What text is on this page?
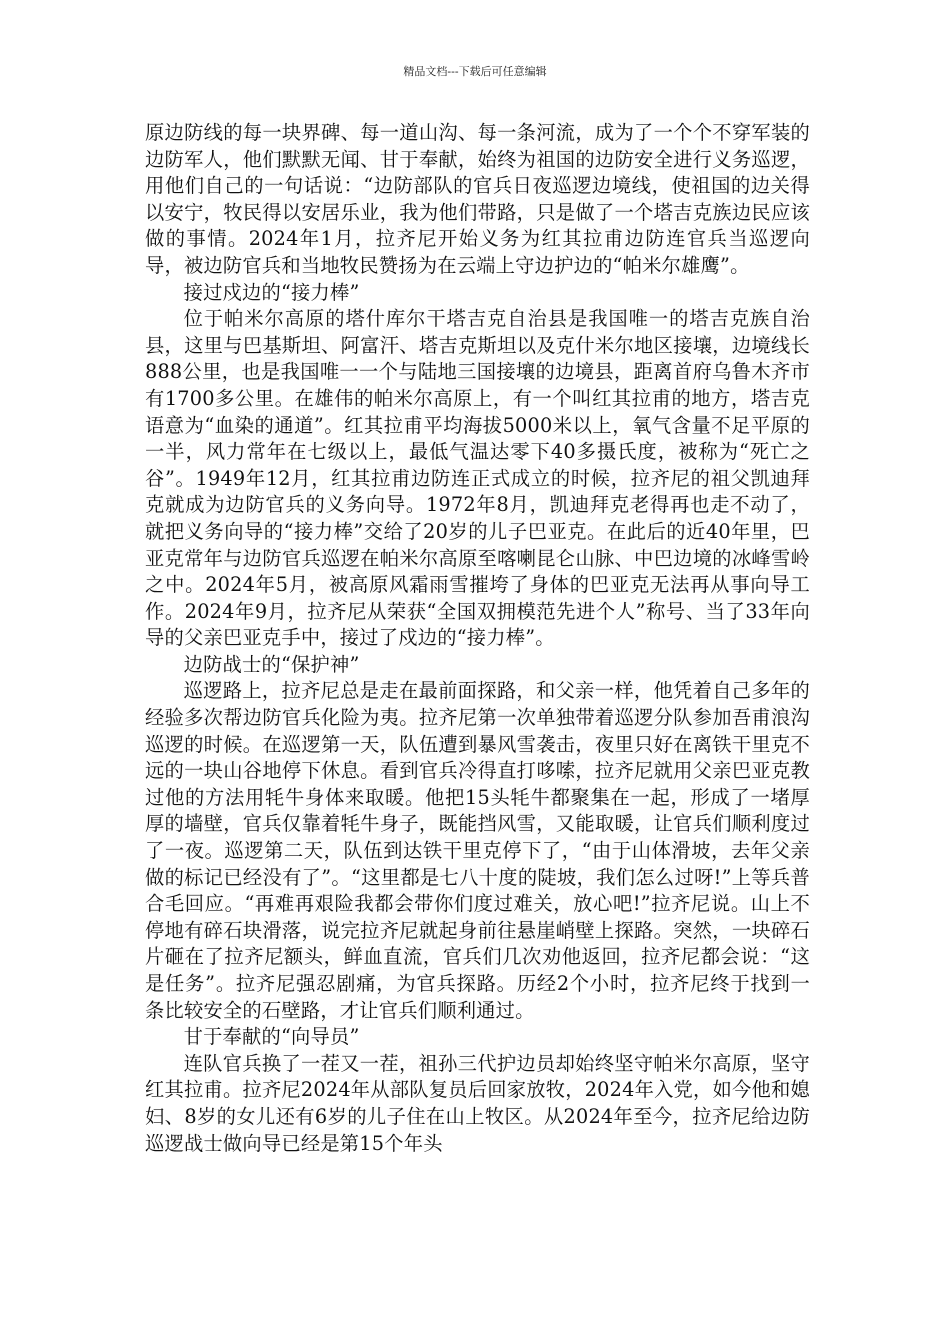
精品文档---下载后可任意编辑

原边防线的每一块界碑、每一道山沟、每一条河流，成为了一个个不穿军装的边防军人，他们默默无闻、甘于奉献，始终为祖国的边防安全进行义务巡逻，用他们自己的一句话说：“边防部队的官兵日夜巡逻边境线，使祖国的边关得以安宁，牧民得以安居乐业，我为他们带路，只是做了一个塔吉克族边民应该做的事情。2024年1月，拉齐尼开始义务为红其拉甫边防连官兵当巡逻向导，被边防官兵和当地牧民赞扬为在云端上守边护边的“帕米尔雄鹰”。

接过戍边的“接力棒”

位于帕米尔高原的塔什库尔干塔吉克自治县是我国唯一的塔吉克族自治县，这里与巴基斯坦、阿富汗、塔吉克斯坦以及克什米尔地区接壤，边境线长888公里，也是我国唯一一个与陆地三国接壤的边境县，距离首府乌鲁木齐市有1700多公里。在雄伟的帕米尔高原上，有一个叫红其拉甫的地方，塔吉克语意为“血染的通道”。红其拉甫平均海拔5000米以上，氧气含量不足平原的一半，风力常年在七级以上，最低气温达零下40多摄氏度，被称为“死亡之谷”。1949年12月，红其拉甫边防连正式成立的时候，拉齐尼的祖父凯迪拜克就成为边防官兵的义务向导。1972年8月，凯迪拜克老得再也走不动了，就把义务向导的“接力棒”交给了20岁的儿子巴亚克。在此后的近40年里，巴亚克常年与边防官兵巡逻在帕米尔高原至喀喇昆仑山脉、中巴边境的冰峰雪岭之中。2024年5月，被高原风霜雨雪摧垮了身体的巴亚克无法再从事向导工作。2024年9月，拉齐尼从荣获“全国双拥模范先进个人”称号、当了33年向导的父亲巴亚克手中，接过了戍边的“接力棒”。

边防战士的“保护神”

巡逻路上，拉齐尼总是走在最前面探路，和父亲一样，他凭着自己多年的经验多次帮边防官兵化险为夷。拉齐尼第一次单独带着巡逻分队参加吾甫浪沟巡逻的时候。在巡逻第一天，队伍遭到暴风雪袭击，夜里只好在离铁干里克不远的一块山谷地停下休息。看到官兵冷得直打哆嗦，拉齐尼就用父亲巴亚克教过他的方法用牦牛身体来取暖。他把15头牦牛都聚集在一起，形成了一堵厚厚的墙壁，官兵仅靠着牦牛身子，既能挡风雪，又能取暖，让官兵们顺利度过了一夜。巡逻第二天，队伍到达铁干里克停下了，“由于山体滑坡，去年父亲做的标记已经没有了”。“这里都是七八十度的陡坡，我们怎么过呀!”上等兵普合毛回应。“再难再艰险我都会带你们度过难关，放心吧!”拉齐尼说。山上不停地有碎石块滑落，说完拉齐尼就起身前往悬崖峭壁上探路。突然，一块碎石片砸在了拉齐尼额头，鲜血直流，官兵们几次劝他返回，拉齐尼都会说：“这是任务”。拉齐尼强忍剧痛，为官兵探路。历经2个小时，拉齐尼终于找到一条比较安全的石壁路，才让官兵们顺利通过。

甘于奉献的“向导员”

连队官兵换了一茬又一茬，祖孙三代护边员却始终坚守帕米尔高原，坚守红其拉甫。拉齐尼2024年从部队复员后回家放牧，2024年入党，如今他和媳妇、8岁的女儿还有6岁的儿子住在山上牧区。从2024年至今，拉齐尼给边防巡逻战士做向导已经是第15个年头
